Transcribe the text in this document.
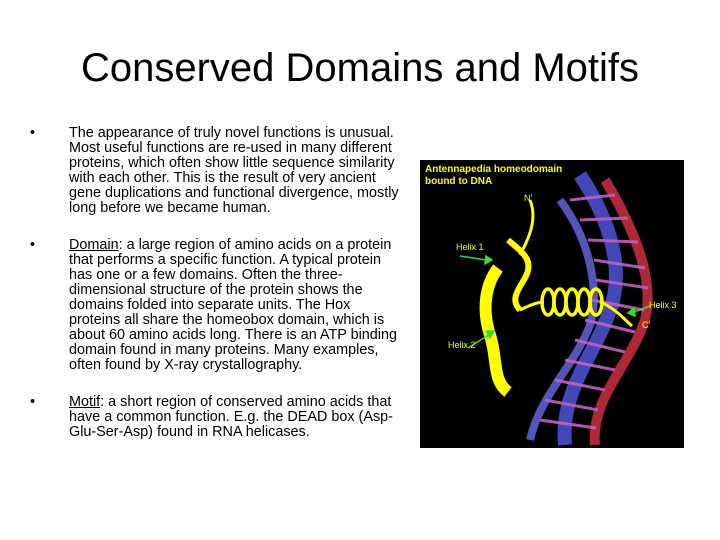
Conserved Domains and Motifs
•	The appearance of truly novel functions is unusual. Most useful functions are re-used in many different proteins, which often show little sequence similarity with each other. This is the result of very ancient gene duplications and functional divergence, mostly long before we became human.
•	Domain: a large region of amino acids on a protein that performs a specific function. A typical protein has one or a few domains. Often the three-dimensional structure of the protein shows the domains folded into separate units. The Hox proteins all share the homeobox domain, which is about 60 amino acids long. There is an ATP binding domain found in many proteins. Many examples, often found by X-ray crystallography.
•	Motif: a short region of conserved amino acids that have a common function. E.g. the DEAD box (Asp-Glu-Ser-Asp) found in RNA helicases.
Antennapedia homeodomain
bound to DNA
N'
Helix 1
Helix 2
Helix 3
C'
